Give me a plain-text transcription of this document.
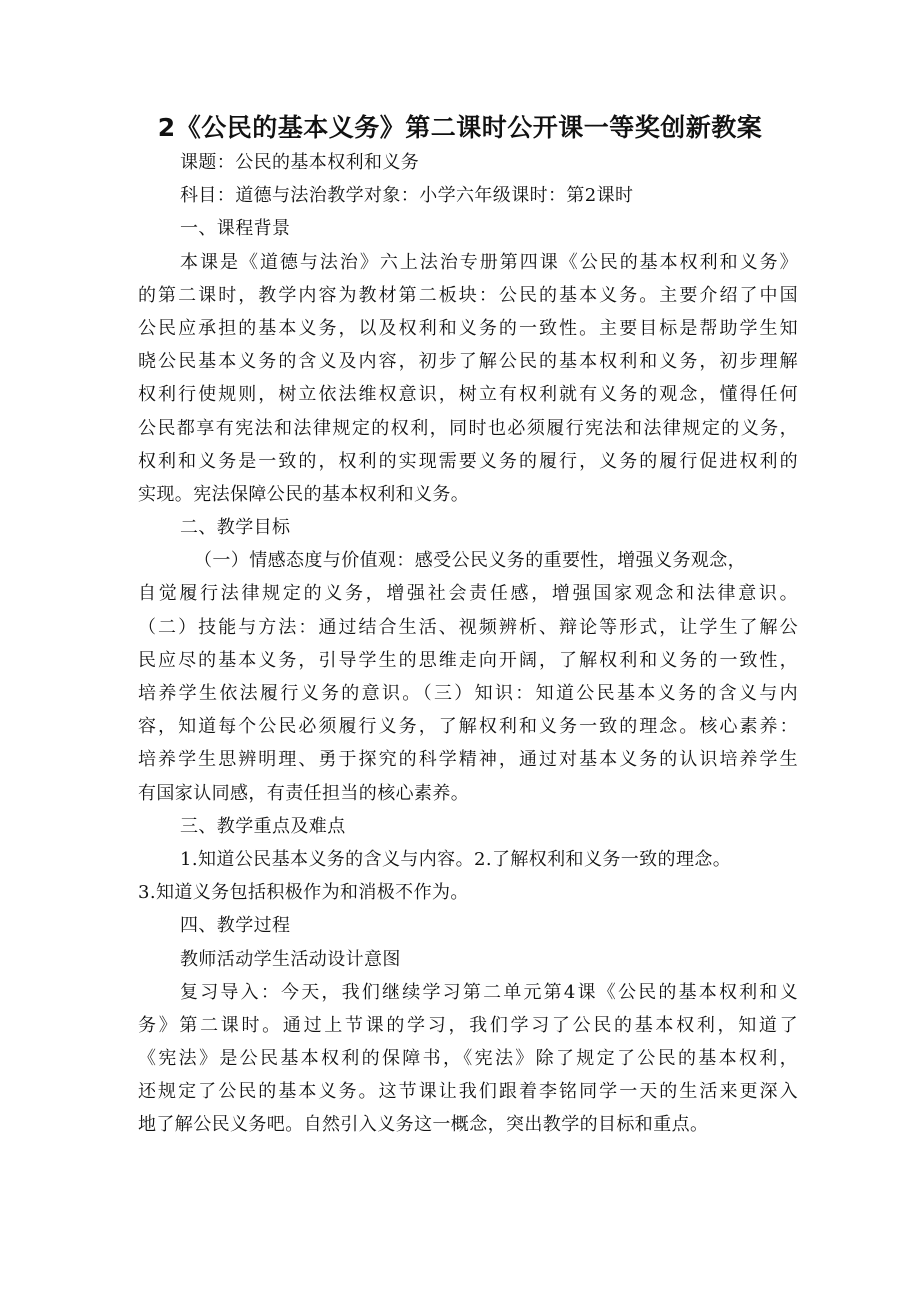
2《公民的基本义务》第二课时公开课一等奖创新教案
课题：公民的基本权利和义务
科目：道德与法治教学对象：小学六年级课时：第2课时
一、课程背景
本课是《道德与法治》六上法治专册第四课《公民的基本权利和义务》
的第二课时，教学内容为教材第二板块：公民的基本义务。主要介绍了中国
公民应承担的基本义务，以及权利和义务的一致性。主要目标是帮助学生知
晓公民基本义务的含义及内容，初步了解公民的基本权利和义务，初步理解
权利行使规则，树立依法维权意识，树立有权利就有义务的观念，懂得任何
公民都享有宪法和法律规定的权利，同时也必须履行宪法和法律规定的义务，
权利和义务是一致的，权利的实现需要义务的履行，义务的履行促进权利的
实现。宪法保障公民的基本权利和义务。
二、教学目标
（一）情感态度与价值观：感受公民义务的重要性，增强义务观念，
自觉履行法律规定的义务，增强社会责任感，增强国家观念和法律意识。
（二）技能与方法：通过结合生活、视频辨析、辩论等形式，让学生了解公
民应尽的基本义务，引导学生的思维走向开阔，了解权利和义务的一致性，
培养学生依法履行义务的意识。（三）知识：知道公民基本义务的含义与内
容，知道每个公民必须履行义务，了解权利和义务一致的理念。核心素养：
培养学生思辨明理、勇于探究的科学精神，通过对基本义务的认识培养学生
有国家认同感，有责任担当的核心素养。
三、教学重点及难点
1.知道公民基本义务的含义与内容。2.了解权利和义务一致的理念。
3.知道义务包括积极作为和消极不作为。
四、教学过程
教师活动学生活动设计意图
复习导入：今天，我们继续学习第二单元第4课《公民的基本权利和义
务》第二课时。通过上节课的学习，我们学习了公民的基本权利，知道了
《宪法》是公民基本权利的保障书，《宪法》除了规定了公民的基本权利，
还规定了公民的基本义务。这节课让我们跟着李铭同学一天的生活来更深入
地了解公民义务吧。自然引入义务这一概念，突出教学的目标和重点。
